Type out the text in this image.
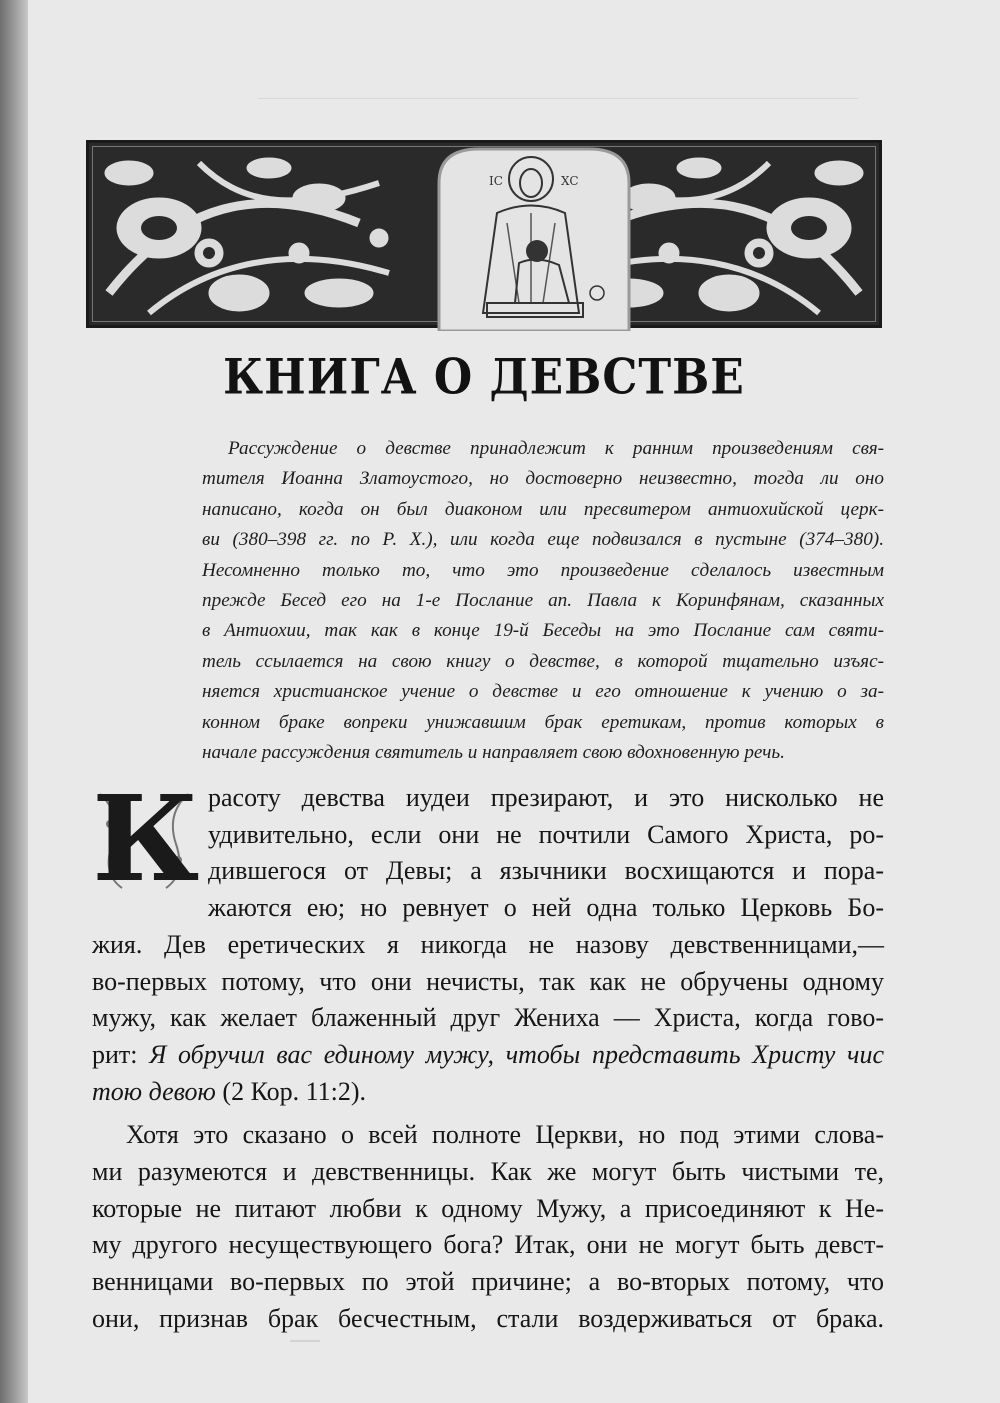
IC	XC
КНИГА О ДЕВСТВЕ
Рассуждение о девстве принадлежит к ранним произведениям свя-
тителя Иоанна Златоустого, но достоверно неизвестно, тогда ли оно
написано, когда он был диаконом или пресвитером антиохийской церк-
ви (380–398 гг. по Р. Х.), или когда еще подвизался в пустыне (374–380).
Несомненно только то, что это произведение сделалось известным
прежде Бесед его на 1-е Послание ап. Павла к Коринфянам, сказанных
в Антиохии, так как в конце 19-й Беседы на это Послание сам святи-
тель ссылается на свою книгу о девстве, в которой тщательно изъяс-
няется христианское учение о девстве и его отношение к учению о за-
конном браке вопреки унижавшим брак еретикам, против которых в
начале рассуждения святитель и направляет свою вдохновенную речь.
К расоту девства иудеи презирают, и это нисколько не
удивительно, если они не почтили Самого Христа, ро-
дившегося от Девы; а язычники восхищаются и пора-
жаются ею; но ревнует о ней одна только Церковь Бо-
жия. Дев еретических я никогда не назову девственницами,—
во-первых потому, что они нечисты, так как не обручены одному
мужу, как желает блаженный друг Жениха — Христа, когда гово-
рит: Я обручил вас единому мужу, чтобы представить Христу чис
тою девою (2 Кор. 11:2).
Хотя это сказано о всей полноте Церкви, но под этими слова-
ми разумеются и девственницы. Как же могут быть чистыми те,
которые не питают любви к одному Мужу, а присоединяют к Не-
му другого несуществующего бога? Итак, они не могут быть девст-
венницами во-первых по этой причине; а во-вторых потому, что
они, признав брак бесчестным, стали воздерживаться от брака.
